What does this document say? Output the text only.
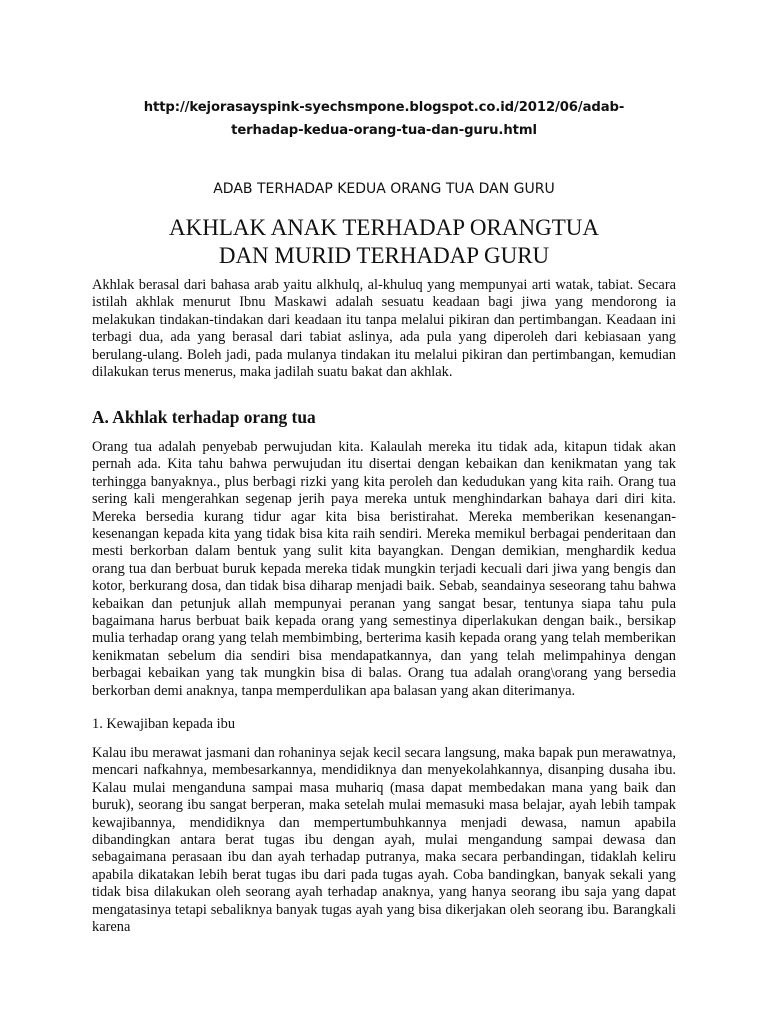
http://kejorasayspink-syechsmpone.blogspot.co.id/2012/06/adab-
terhadap-kedua-orang-tua-dan-guru.html
ADAB TERHADAP KEDUA ORANG TUA DAN GURU
AKHLAK ANAK TERHADAP ORANGTUA
DAN MURID TERHADAP GURU

Akhlak berasal dari bahasa arab yaitu alkhulq, al-khuluq yang mempunyai arti watak, tabiat. Secara istilah akhlak menurut Ibnu Maskawi adalah sesuatu keadaan bagi jiwa yang mendorong ia melakukan tindakan-tindakan dari keadaan itu tanpa melalui pikiran dan pertimbangan. Keadaan ini terbagi dua, ada yang berasal dari tabiat aslinya, ada pula yang diperoleh dari kebiasaan yang berulang-ulang. Boleh jadi, pada mulanya tindakan itu melalui pikiran dan pertimbangan, kemudian dilakukan terus menerus, maka jadilah suatu bakat dan akhlak.

A. Akhlak terhadap orang tua

Orang tua adalah penyebab perwujudan kita. Kalaulah mereka itu tidak ada, kitapun tidak akan pernah ada. Kita tahu bahwa perwujudan itu disertai dengan kebaikan dan kenikmatan yang tak terhingga banyaknya., plus berbagi rizki yang kita peroleh dan kedudukan yang kita raih. Orang tua sering kali mengerahkan segenap jerih paya mereka untuk menghindarkan bahaya dari diri kita. Mereka bersedia kurang tidur agar kita bisa beristirahat. Mereka memberikan kesenangan-kesenangan kepada kita yang tidak bisa kita raih sendiri. Mereka memikul berbagai penderitaan dan mesti berkorban dalam bentuk yang sulit kita bayangkan. Dengan demikian, menghardik kedua orang tua dan berbuat buruk kepada mereka tidak mungkin terjadi kecuali dari jiwa yang bengis dan kotor, berkurang dosa, dan tidak bisa diharap menjadi baik. Sebab, seandainya seseorang tahu bahwa kebaikan dan petunjuk allah mempunyai peranan yang sangat besar, tentunya siapa tahu pula bagaimana harus berbuat baik kepada orang yang semestinya diperlakukan dengan baik., bersikap mulia terhadap orang yang telah membimbing, berterima kasih kepada orang yang telah memberikan kenikmatan sebelum dia sendiri bisa mendapatkannya, dan yang telah melimpahinya dengan berbagai kebaikan yang tak mungkin bisa di balas. Orang tua adalah orang\orang yang bersedia berkorban demi anaknya, tanpa memperdulikan apa balasan yang akan diterimanya.

1. Kewajiban kepada ibu

Kalau ibu merawat jasmani dan rohaninya sejak kecil secara langsung, maka bapak pun merawatnya, mencari nafkahnya, membesarkannya, mendidiknya dan menyekolahkannya, disanping dusaha ibu. Kalau mulai menganduna sampai masa muhariq (masa dapat membedakan mana yang baik dan buruk), seorang ibu sangat berperan, maka setelah mulai memasuki masa belajar, ayah lebih tampak kewajibannya, mendidiknya dan mempertumbuhkannya menjadi dewasa, namun apabila dibandingkan antara berat tugas ibu dengan ayah, mulai mengandung sampai dewasa dan sebagaimana perasaan ibu dan ayah terhadap putranya, maka secara perbandingan, tidaklah keliru apabila dikatakan lebih berat tugas ibu dari pada tugas ayah. Coba bandingkan, banyak sekali yang tidak bisa dilakukan oleh seorang ayah terhadap anaknya, yang hanya seorang ibu saja yang dapat mengatasinya tetapi sebaliknya banyak tugas ayah yang bisa dikerjakan oleh seorang ibu. Barangkali karena
